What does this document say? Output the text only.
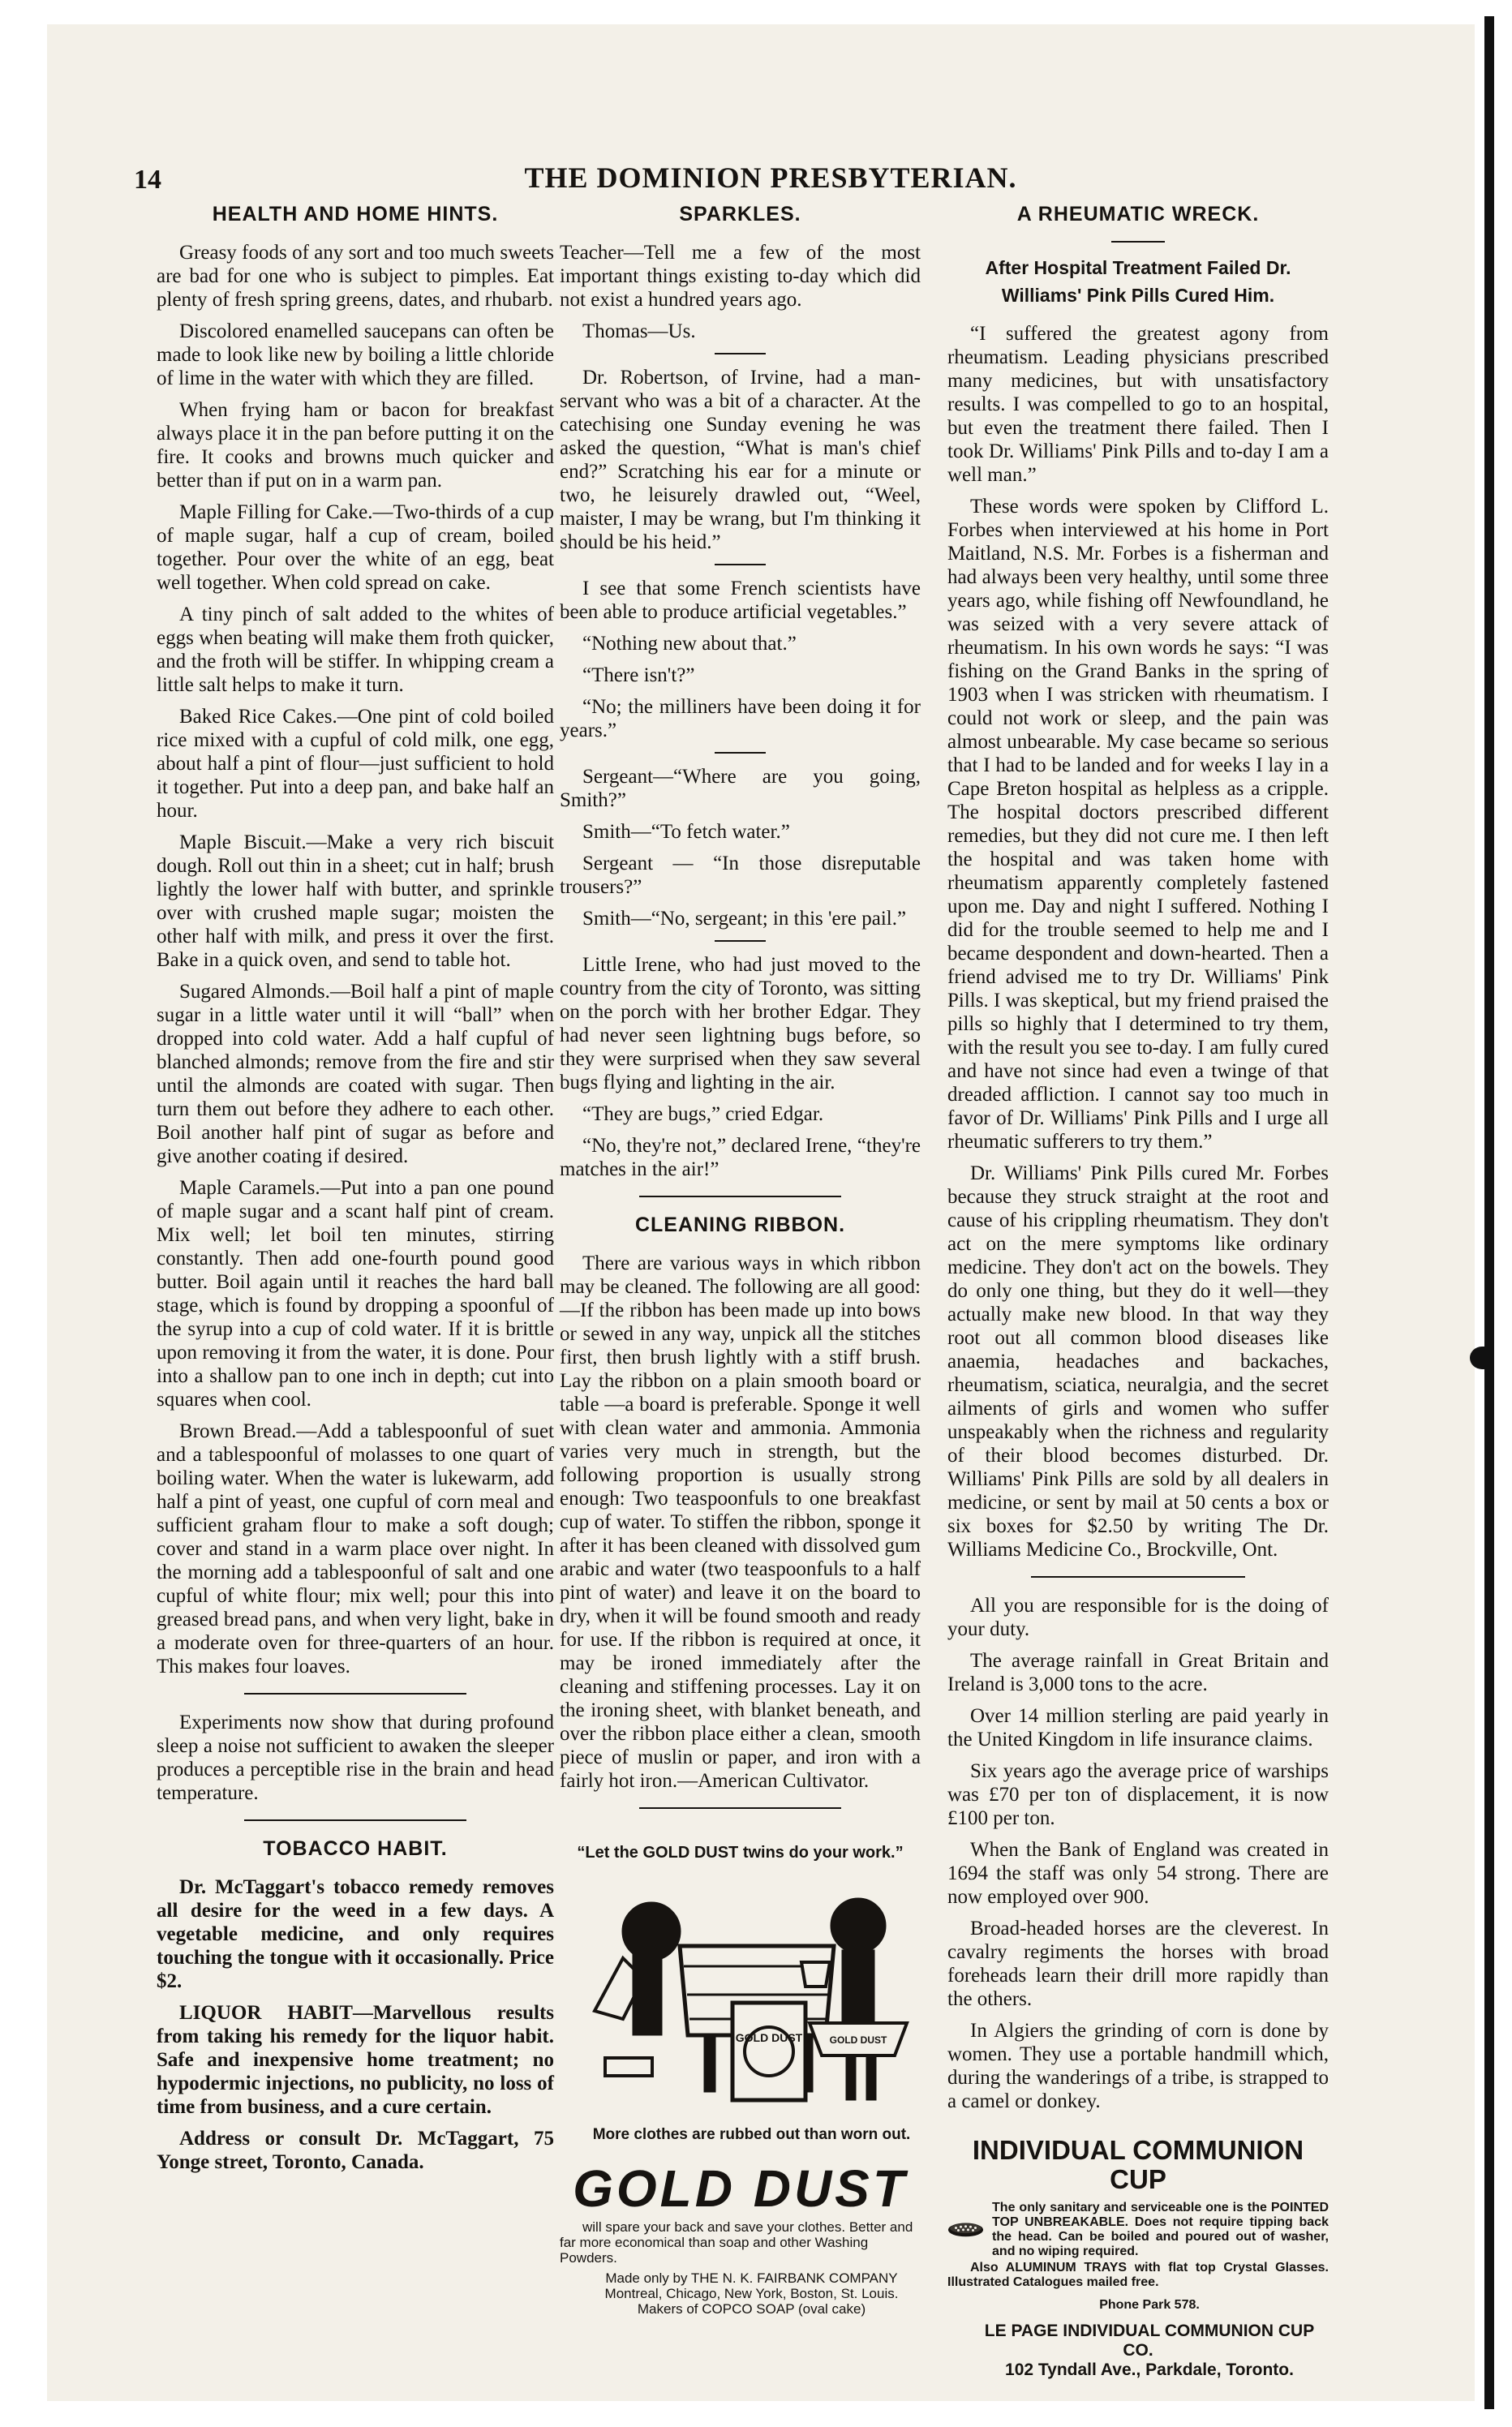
14	THE DOMINION PRESBYTERIAN.
HEALTH AND HOME HINTS.

Greasy foods of any sort and too much sweets are bad for one who is subject to pimples. Eat plenty of fresh spring greens, dates, and rhubarb.

Discolored enamelled saucepans can often be made to look like new by boiling a little chloride of lime in the water with which they are filled.

When frying ham or bacon for breakfast always place it in the pan before putting it on the fire. It cooks and browns much quicker and better than if put on in a warm pan.

Maple Filling for Cake.—Two-thirds of a cup of maple sugar, half a cup of cream, boiled together. Pour over the white of an egg, beat well together. When cold spread on cake.

A tiny pinch of salt added to the whites of eggs when beating will make them froth quicker, and the froth will be stiffer. In whipping cream a little salt helps to make it turn.

Baked Rice Cakes.—One pint of cold boiled rice mixed with a cupful of cold milk, one egg, about half a pint of flour—just sufficient to hold it together. Put into a deep pan, and bake half an hour.

Maple Biscuit.—Make a very rich biscuit dough. Roll out thin in a sheet; cut in half; brush lightly the lower half with butter, and sprinkle over with crushed maple sugar; moisten the other half with milk, and press it over the first. Bake in a quick oven, and send to table hot.

Sugared Almonds.—Boil half a pint of maple sugar in a little water until it will “ball” when dropped into cold water. Add a half cupful of blanched almonds; remove from the fire and stir until the almonds are coated with sugar. Then turn them out before they adhere to each other. Boil another half pint of sugar as before and give another coating if desired.

Maple Caramels.—Put into a pan one pound of maple sugar and a scant half pint of cream. Mix well; let boil ten minutes, stirring constantly. Then add one-fourth pound good butter. Boil again until it reaches the hard ball stage, which is found by dropping a spoonful of the syrup into a cup of cold water. If it is brittle upon removing it from the water, it is done. Pour into a shallow pan to one inch in depth; cut into squares when cool.

Brown Bread.—Add a tablespoonful of suet and a tablespoonful of molasses to one quart of boiling water. When the water is lukewarm, add half a pint of yeast, one cupful of corn meal and sufficient graham flour to make a soft dough; cover and stand in a warm place over night. In the morning add a tablespoonful of salt and one cupful of white flour; mix well; pour this into greased bread pans, and when very light, bake in a moderate oven for three-quarters of an hour. This makes four loaves.

Experiments now show that during profound sleep a noise not sufficient to awaken the sleeper produces a perceptible rise in the brain and head temperature.

TOBACCO HABIT.

Dr. McTaggart's tobacco remedy removes all desire for the weed in a few days. A vegetable medicine, and only requires touching the tongue with it occasionally. Price $2.

LIQUOR HABIT—Marvellous results from taking his remedy for the liquor habit. Safe and inexpensive home treatment; no hypodermic injections, no publicity, no loss of time from business, and a cure certain.

Address or consult Dr. McTaggart, 75 Yonge street, Toronto, Canada.

SPARKLES.

Teacher—Tell me a few of the most important things existing to-day which did not exist a hundred years ago.

Thomas—Us.

Dr. Robertson, of Irvine, had a man-servant who was a bit of a character. At the catechising one Sunday evening he was asked the question, “What is man's chief end?” Scratching his ear for a minute or two, he leisurely drawled out, “Weel, maister, I may be wrang, but I'm thinking it should be his heid.”

I see that some French scientists have been able to produce artificial vegetables.”

“Nothing new about that.”

“There isn't?”

“No; the milliners have been doing it for years.”

Sergeant—“Where are you going, Smith?”

Smith—“To fetch water.”

Sergeant — “In those disreputable trousers?”

Smith—“No, sergeant; in this 'ere pail.”

Little Irene, who had just moved to the country from the city of Toronto, was sitting on the porch with her brother Edgar. They had never seen lightning bugs before, so they were surprised when they saw several bugs flying and lighting in the air.

“They are bugs,” cried Edgar.

“No, they're not,” declared Irene, “they're matches in the air!”

CLEANING RIBBON.

There are various ways in which ribbon may be cleaned. The following are all good:—If the ribbon has been made up into bows or sewed in any way, unpick all the stitches first, then brush lightly with a stiff brush. Lay the ribbon on a plain smooth board or table —a board is preferable. Sponge it well with clean water and ammonia. Ammonia varies very much in strength, but the following proportion is usually strong enough: Two teaspoonfuls to one breakfast cup of water. To stiffen the ribbon, sponge it after it has been cleaned with dissolved gum arabic and water (two teaspoonfuls to a half pint of water) and leave it on the board to dry, when it will be found smooth and ready for use. If the ribbon is required at once, it may be ironed immediately after the cleaning and stiffening processes. Lay it on the ironing sheet, with blanket beneath, and over the ribbon place either a clean, smooth piece of muslin or paper, and iron with a fairly hot iron.—American Cultivator.

“Let the GOLD DUST twins do your work.”
GOLD DUST	GOLD DUST

More clothes are rubbed out than worn out.

GOLD DUST

will spare your back and save your clothes. Better and far more economical than soap and other Washing Powders.

Made only by THE N. K. FAIRBANK COMPANY

Montreal, Chicago, New York, Boston, St. Louis.

Makers of COPCO SOAP (oval cake)

A RHEUMATIC WRECK.
After Hospital Treatment Failed Dr. Williams' Pink Pills Cured Him.

“I suffered the greatest agony from rheumatism. Leading physicians prescribed many medicines, but with unsatisfactory results. I was compelled to go to an hospital, but even the treatment there failed. Then I took Dr. Williams' Pink Pills and to-day I am a well man.”

These words were spoken by Clifford L. Forbes when interviewed at his home in Port Maitland, N.S. Mr. Forbes is a fisherman and had always been very healthy, until some three years ago, while fishing off Newfoundland, he was seized with a very severe attack of rheumatism. In his own words he says: “I was fishing on the Grand Banks in the spring of 1903 when I was stricken with rheumatism. I could not work or sleep, and the pain was almost unbearable. My case became so serious that I had to be landed and for weeks I lay in a Cape Breton hospital as helpless as a cripple. The hospital doctors prescribed different remedies, but they did not cure me. I then left the hospital and was taken home with rheumatism apparently completely fastened upon me. Day and night I suffered. Nothing I did for the trouble seemed to help me and I became despondent and down-hearted. Then a friend advised me to try Dr. Williams' Pink Pills. I was skeptical, but my friend praised the pills so highly that I determined to try them, with the result you see to-day. I am fully cured and have not since had even a twinge of that dreaded affliction. I cannot say too much in favor of Dr. Williams' Pink Pills and I urge all rheumatic sufferers to try them.”

Dr. Williams' Pink Pills cured Mr. Forbes because they struck straight at the root and cause of his crippling rheumatism. They don't act on the mere symptoms like ordinary medicine. They don't act on the bowels. They do only one thing, but they do it well—they actually make new blood. In that way they root out all common blood diseases like anaemia, headaches and backaches, rheumatism, sciatica, neuralgia, and the secret ailments of girls and women who suffer unspeakably when the richness and regularity of their blood becomes disturbed. Dr. Williams' Pink Pills are sold by all dealers in medicine, or sent by mail at 50 cents a box or six boxes for $2.50 by writing The Dr. Williams Medicine Co., Brockville, Ont.

All you are responsible for is the doing of your duty.

The average rainfall in Great Britain and Ireland is 3,000 tons to the acre.

Over 14 million sterling are paid yearly in the United Kingdom in life insurance claims.

Six years ago the average price of warships was £70 per ton of displacement, it is now £100 per ton.

When the Bank of England was created in 1694 the staff was only 54 strong. There are now employed over 900.

Broad-headed horses are the cleverest. In cavalry regiments the horses with broad foreheads learn their drill more rapidly than the others.

In Algiers the grinding of corn is done by women. They use a portable handmill which, during the wanderings of a tribe, is strapped to a camel or donkey.

INDIVIDUAL COMMUNION CUP
The only sanitary and serviceable one is the POINTED TOP UNBREAKABLE. Does not require tipping back the head. Can be boiled and poured out of washer, and no wiping required.

Also ALUMINUM TRAYS with flat top Crystal Glasses. Illustrated Catalogues mailed free.

Phone Park 578.

LE PAGE INDIVIDUAL COMMUNION CUP CO.

102 Tyndall Ave., Parkdale, Toronto.
